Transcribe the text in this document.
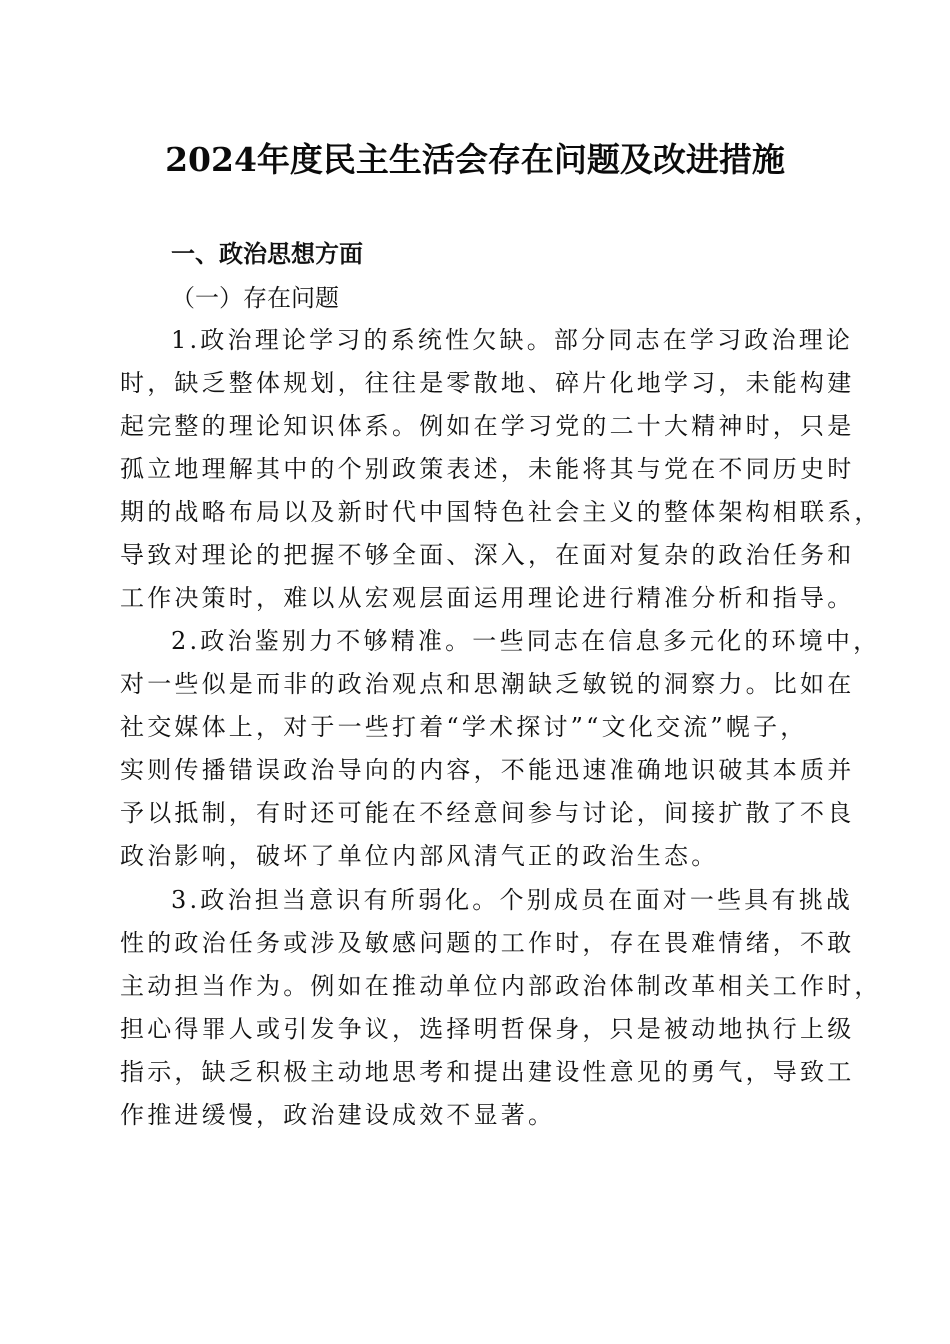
2024年度民主生活会存在问题及改进措施
一、政治思想方面
（一）存在问题
1.政治理论学习的系统性欠缺。部分同志在学习政治理论
时，缺乏整体规划，往往是零散地、碎片化地学习，未能构建
起完整的理论知识体系。例如在学习党的二十大精神时，只是
孤立地理解其中的个别政策表述，未能将其与党在不同历史时
期的战略布局以及新时代中国特色社会主义的整体架构相联系，
导致对理论的把握不够全面、深入，在面对复杂的政治任务和
工作决策时，难以从宏观层面运用理论进行精准分析和指导。
2.政治鉴别力不够精准。一些同志在信息多元化的环境中，
对一些似是而非的政治观点和思潮缺乏敏锐的洞察力。比如在
社交媒体上，对于一些打着“学术探讨”“文化交流”幌子，
实则传播错误政治导向的内容，不能迅速准确地识破其本质并
予以抵制，有时还可能在不经意间参与讨论，间接扩散了不良
政治影响，破坏了单位内部风清气正的政治生态。
3.政治担当意识有所弱化。个别成员在面对一些具有挑战
性的政治任务或涉及敏感问题的工作时，存在畏难情绪，不敢
主动担当作为。例如在推动单位内部政治体制改革相关工作时，
担心得罪人或引发争议，选择明哲保身，只是被动地执行上级
指示，缺乏积极主动地思考和提出建设性意见的勇气，导致工
作推进缓慢，政治建设成效不显著。
